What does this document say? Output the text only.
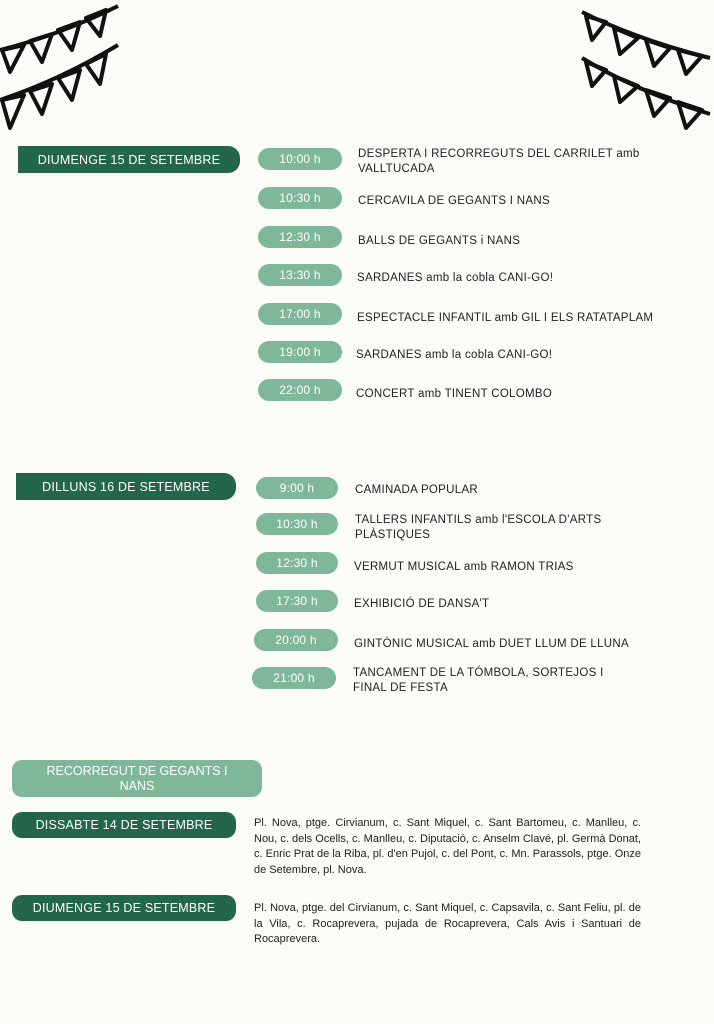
DIUMENGE 15 DE SETEMBRE	10:00 h	DESPERTA I RECORREGUTS DEL CARRILET amb VALLTUCADA
10:30 h	CERCAVILA DE GEGANTS I NANS
12:30 h	BALLS DE GEGANTS i NANS
13:30 h	SARDANES amb la cobla CANI-GO!
17:00 h	ESPECTACLE INFANTIL amb GIL I ELS RATATAPLAM
19:00 h	SARDANES amb la cobla CANI-GO!
22:00 h	CONCERT amb TINENT COLOMBO
DILLUNS 16 DE SETEMBRE	9:00 h	CAMINADA POPULAR
10:30 h	TALLERS INFANTILS amb l'ESCOLA D'ARTS PLÀSTIQUES
12:30 h	VERMUT MUSICAL amb RAMON TRIAS
17:30 h	EXHIBICIÓ DE DANSA'T
20:00 h	GINTÒNIC MUSICAL amb DUET LLUM DE LLUNA
21:00 h	TANCAMENT DE LA TÓMBOLA, SORTEJOS I FINAL DE FESTA
RECORREGUT DE GEGANTS I NANS
DISSABTE 14 DE SETEMBRE	Pl. Nova, ptge. Cirvianum, c. Sant Miquel, c. Sant Bartomeu, c. Manlleu, c. Nou, c. dels Ocells, c. Manlleu, c. Diputació, c. Anselm Clavé, pl. Germà Donat, c. Enric Prat de la Riba, pl. d'en Pujol, c. del Pont, c. Mn. Parassols, ptge. Onze de Setembre, pl. Nova.
DIUMENGE 15 DE SETEMBRE	Pl. Nova, ptge. del Cirvianum, c. Sant Miquel, c. Capsavila, c. Sant Feliu, pl. de la Vila, c. Rocaprevera, pujada de Rocaprevera, Cals Avis i Santuari de Rocaprevera.
